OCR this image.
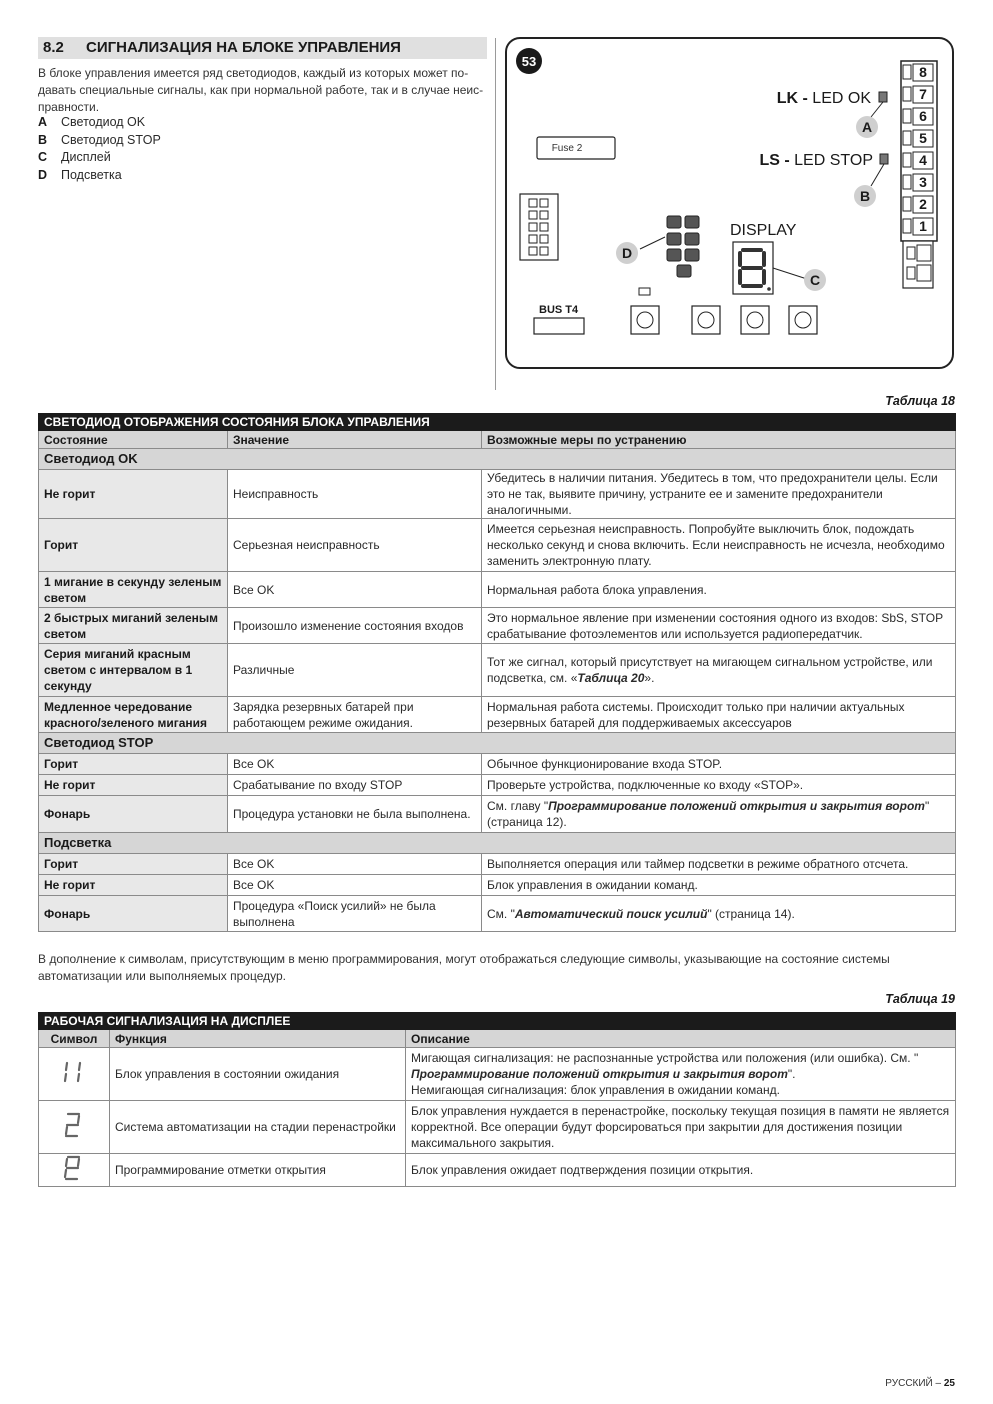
8.2 СИГНАЛИЗАЦИЯ НА БЛОКЕ УПРАВЛЕНИЯ
В блоке управления имеется ряд светодиодов, каждый из которых может по-
давать специальные сигналы, как при нормальной работе, так и в случае неис-
правности.
A Светодиод OK
B Светодиод STOP
C Дисплей
D Подсветка
53
8
7
6
5
4
3
2
1
LK - LED OK
A
LS - LED STOP
B
Fuse 2
D
DISPLAY
C
BUS T4
Таблица 18
СВЕТОДИОД ОТОБРАЖЕНИЯ СОСТОЯНИЯ БЛОКА УПРАВЛЕНИЯ		
Состояние	Значение	Возможные меры по устранению
Светодиод OK		
Не горит	Неисправность	Убедитесь в наличии питания. Убедитесь в том, что предохранители целы. Если это не так, выявите причину, устраните ее и замените предохранители аналогичными.
Горит	Серьезная неисправность	Имеется серьезная неисправность. Попробуйте выключить блок, подождать несколько секунд и снова включить. Если неисправность не исчезла, необходимо заменить электронную плату.
1 мигание в секунду зеленым светом	Все OK	Нормальная работа блока управления.
2 быстрых миганий зеленым светом	Произошло изменение состояния входов	Это нормальное явление при изменении состояния одного из входов: SbS, STOP срабатывание фотоэлементов или используется радиопередатчик.
Серия миганий красным светом с интервалом в 1 секунду	Различные	Тот же сигнал, который присутствует на мигающем сигнальном устройстве, или подсветка, см. «Таблица 20».
Медленное чередование красного/зеленого мигания	Зарядка резервных батарей при работающем режиме ожидания.	Нормальная работа системы. Происходит только при наличии актуальных резервных батарей для поддерживаемых аксессуаров
Светодиод STOP		
Горит	Все OK	Обычное функционирование входа STOP.
Не горит	Срабатывание по входу STOP	Проверьте устройства, подключенные ко входу «STOP».
Фонарь	Процедура установки не была выполнена.	См. главу "Программирование положений открытия и закрытия ворот" (страница 12).
Подсветка		
Горит	Все OK	Выполняется операция или таймер подсветки в режиме обратного отсчета.
Не горит	Все OK	Блок управления в ожидании команд.
Фонарь	Процедура «Поиск усилий» не была выполнена	См. "Автоматический поиск усилий" (страница 14).
В дополнение к символам, присутствующим в меню программирования, могут отображаться следующие символы, указывающие на состояние системы автоматизации или выполняемых процедур.
Таблица 19
РАБОЧАЯ СИГНАЛИЗАЦИЯ НА ДИСПЛЕЕ		
Символ	Функция	Описание
	Блок управления в состоянии ожидания	Мигающая сигнализация: не распознанные устройства или положения (или ошибка). См. "
Программирование положений открытия и закрытия ворот".
Немигающая сигнализация: блок управления в ожидании команд.
	Система автоматизации на стадии перенастройки	Блок управления нуждается в перенастройке, поскольку текущая позиция в памяти не является корректной. Все операции будут форсироваться при закрытии для достижения позиции максимального закрытия.
	Программирование отметки открытия	Блок управления ожидает подтверждения позиции открытия.
РУССКИЙ – 25
